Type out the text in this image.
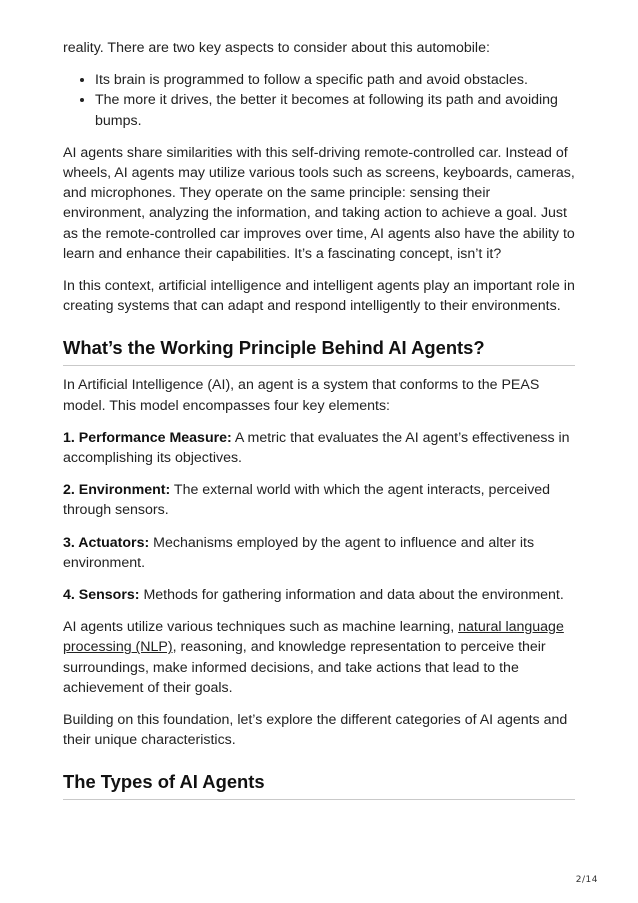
reality. There are two key aspects to consider about this automobile:

• Its brain is programmed to follow a specific path and avoid obstacles.
• The more it drives, the better it becomes at following its path and avoiding bumps.

AI agents share similarities with this self-driving remote-controlled car. Instead of wheels, AI agents may utilize various tools such as screens, keyboards, cameras, and microphones. They operate on the same principle: sensing their environment, analyzing the information, and taking action to achieve a goal. Just as the remote-controlled car improves over time, AI agents also have the ability to learn and enhance their capabilities. It’s a fascinating concept, isn’t it?

In this context, artificial intelligence and intelligent agents play an important role in creating systems that can adapt and respond intelligently to their environments.

What’s the Working Principle Behind AI Agents?

In Artificial Intelligence (AI), an agent is a system that conforms to the PEAS model. This model encompasses four key elements:

1. Performance Measure: A metric that evaluates the AI agent’s effectiveness in accomplishing its objectives.

2. Environment: The external world with which the agent interacts, perceived through sensors.

3. Actuators: Mechanisms employed by the agent to influence and alter its environment.

4. Sensors: Methods for gathering information and data about the environment.

AI agents utilize various techniques such as machine learning, natural language processing (NLP), reasoning, and knowledge representation to perceive their surroundings, make informed decisions, and take actions that lead to the achievement of their goals.

Building on this foundation, let’s explore the different categories of AI agents and their unique characteristics.

The Types of AI Agents
2/14
